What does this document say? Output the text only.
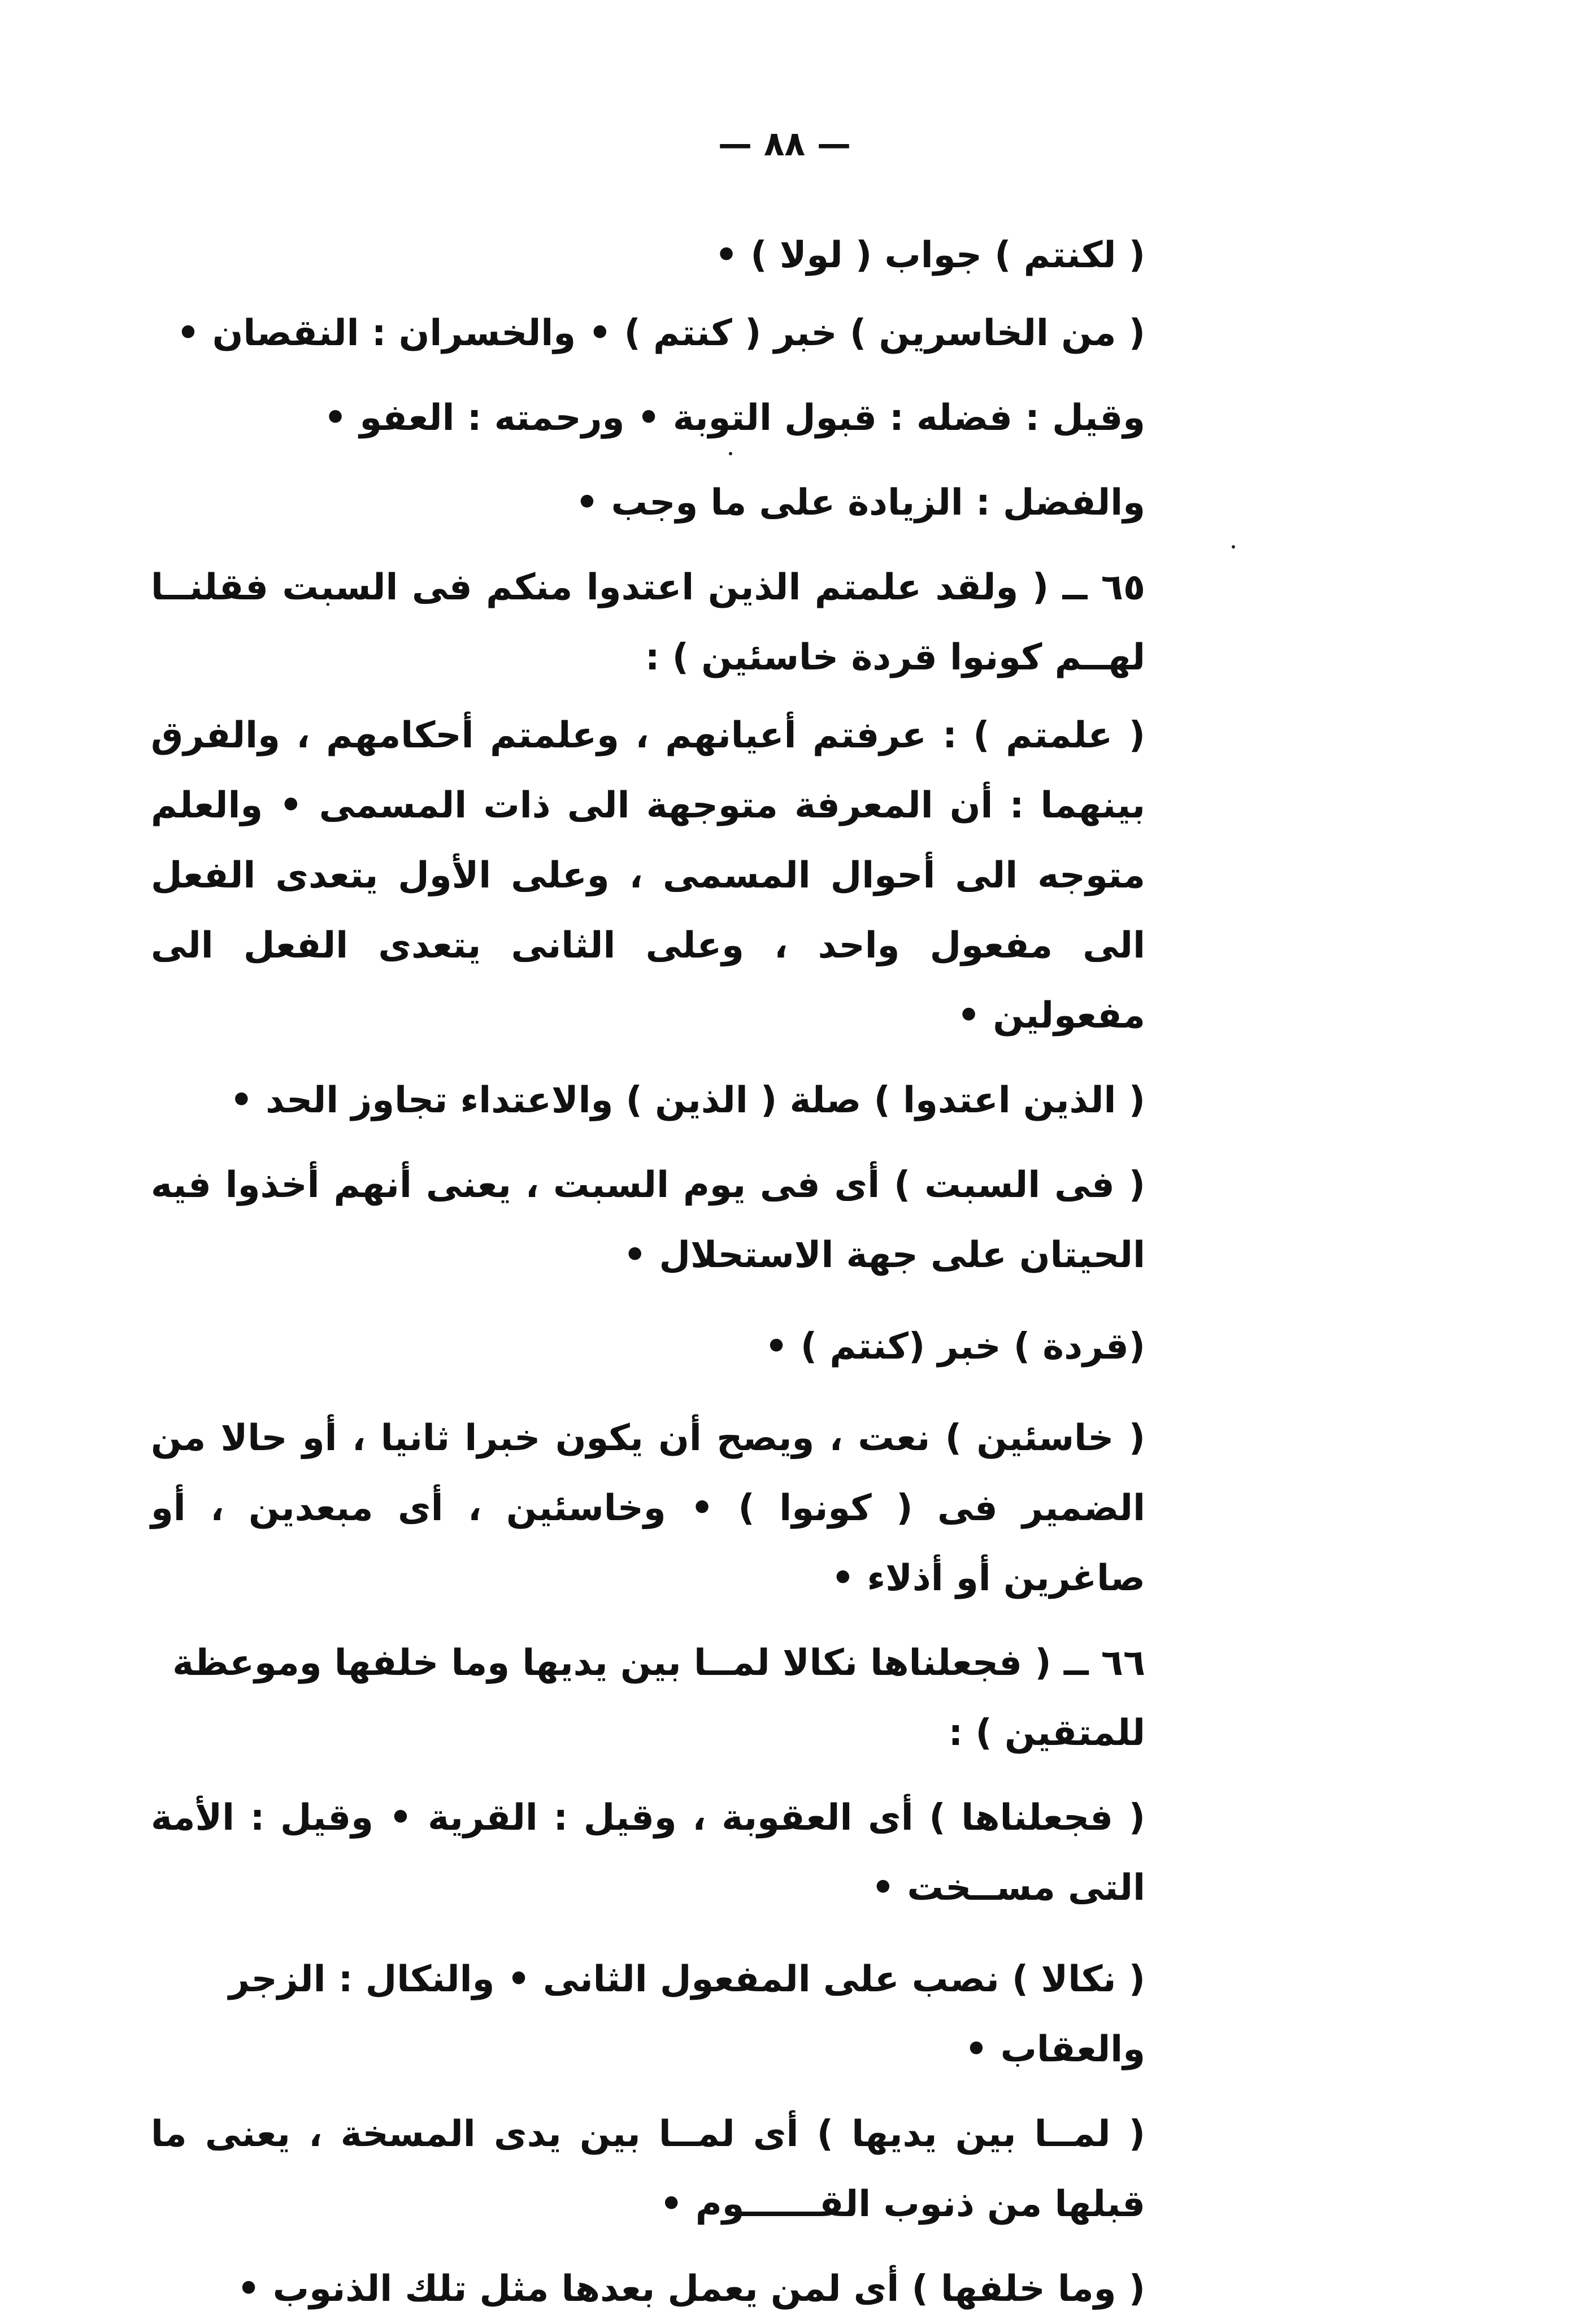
— ٨٨ —

( لكنتم ) جواب ( لولا ) •

( من الخاسرين ) خبر ( كنتم ) • والخسران : النقصان •

وقيل : فضله : قبول التوبة • ورحمته : العفو •

والفضل : الزيادة على ما وجب •

٦٥ ــ ( ولقد علمتم الذين اعتدوا منكم فى السبت فقلنــا لهــم كونوا قردة خاسئين ) :

( علمتم ) : عرفتم أعيانهم ، وعلمتم أحكامهم ، والفرق بينهما : أن المعرفة متوجهة الى ذات المسمى • والعلم متوجه الى أحوال المسمى ، وعلى الأول يتعدى الفعل الى مفعول واحد ، وعلى الثانى يتعدى الفعل الى مفعولين •

( الذين اعتدوا ) صلة ( الذين ) والاعتداء تجاوز الحد •

( فى السبت ) أى فى يوم السبت ، يعنى أنهم أخذوا فيه الحيتان على جهة الاستحلال •

(قردة ) خبر (كنتم ) •

( خاسئين ) نعت ، ويصح أن يكون خبرا ثانيا ، أو حالا من الضمير فى ( كونوا ) • وخاسئين ، أى مبعدين ، أو صاغرين أو أذلاء •

٦٦ ــ ( فجعلناها نكالا لمــا بين يديها وما خلفها وموعظة للمتقين ) :

( فجعلناها ) أى العقوبة ، وقيل : القرية • وقيل : الأمة التى مســخت •

( نكالا ) نصب على المفعول الثانى • والنكال : الزجر والعقاب •

( لمــا بين يديها ) أى لمــا بين يدى المسخة ، يعنى ما قبلها من ذنوب القــــــوم •

( وما خلفها ) أى لمن يعمل بعدها مثل تلك الذنوب •
